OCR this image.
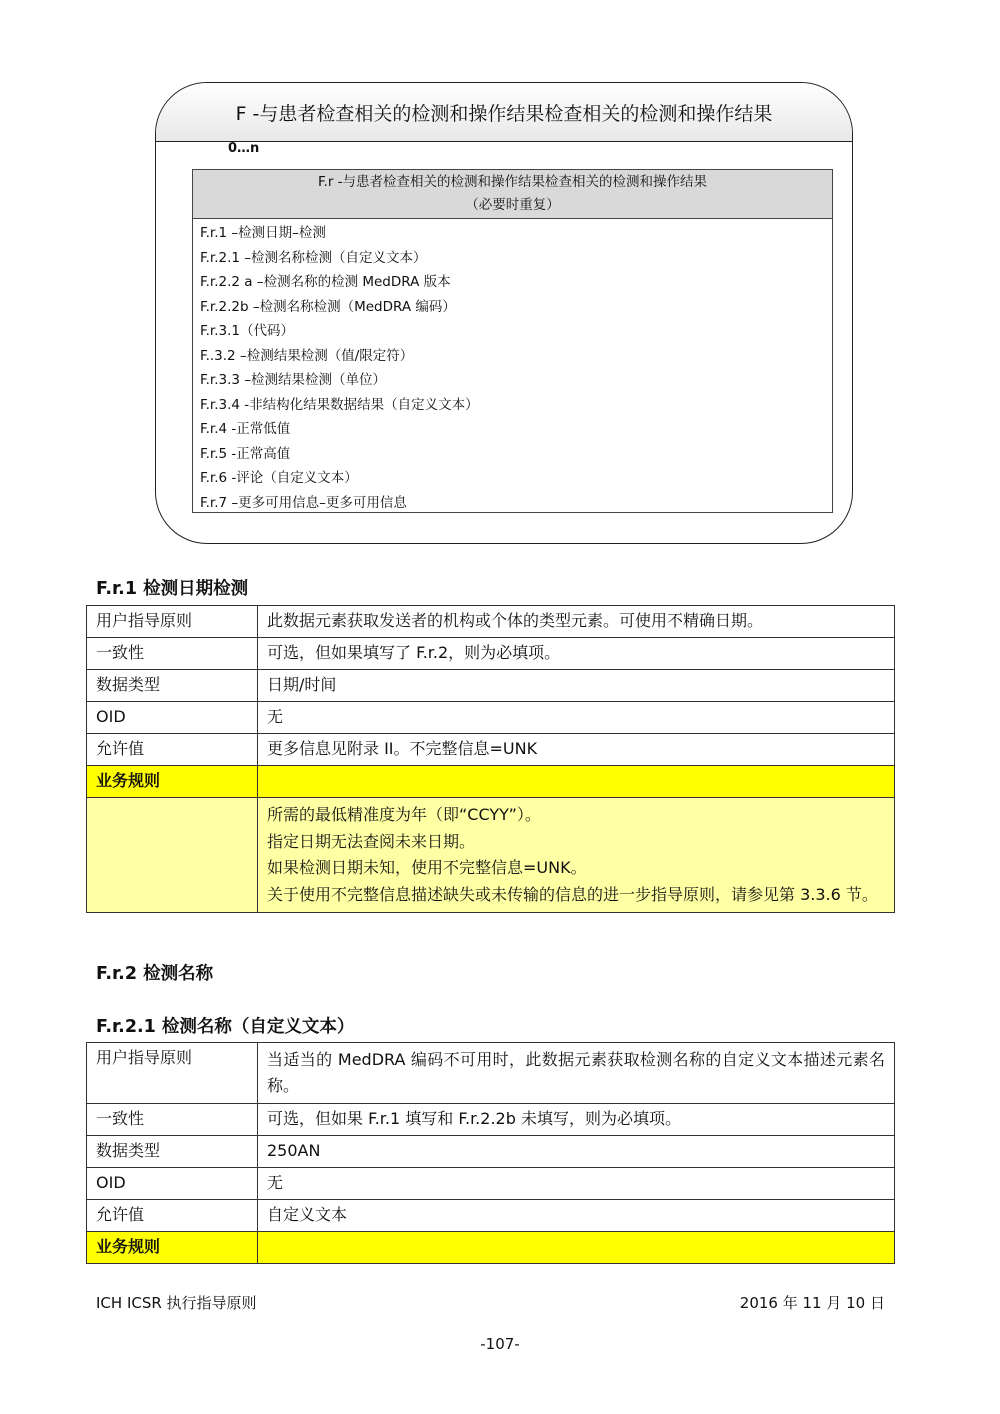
F -与患者检查相关的检测和操作结果检查相关的检测和操作结果
0…n
F.r -与患者检查相关的检测和操作结果检查相关的检测和操作结果
（必要时重复）
F.r.1 –检测日期–检测
F.r.2.1 –检测名称检测（自定义文本）
F.r.2.2 a –检测名称的检测 MedDRA 版本
F.r.2.2b –检测名称检测（MedDRA 编码）
F.r.3.1（代码）
F..3.2 –检测结果检测（值/限定符）
F.r.3.3 –检测结果检测（单位）
F.r.3.4 -非结构化结果数据结果（自定义文本）
F.r.4 -正常低值
F.r.5 -正常高值
F.r.6 -评论（自定义文本）
F.r.7 –更多可用信息–更多可用信息
F.r.1 检测日期检测
用户指导原则	此数据元素获取发送者的机构或个体的类型元素。可使用不精确日期。
一致性	可选，但如果填写了 F.r.2，则为必填项。
数据类型	日期/时间
OID	无
允许值	更多信息见附录 II。不完整信息=UNK
业务规则	

	所需的最低精准度为年（即“CCYY”）。
指定日期无法查阅未来日期。
如果检测日期未知，使用不完整信息=UNK。
关于使用不完整信息描述缺失或未传输的信息的进一步指导原则，请参见第 3.3.6 节。
F.r.2 检测名称
F.r.2.1 检测名称（自定义文本）
用户指导原则	当适当的 MedDRA 编码不可用时，此数据元素获取检测名称的自定义文本描述元素名称。
一致性	可选，但如果 F.r.1 填写和 F.r.2.2b 未填写，则为必填项。
数据类型	250AN
OID	无
允许值	自定义文本
业务规则	
ICH ICSR 执行指导原则	2016 年 11 月 10 日
-107-
